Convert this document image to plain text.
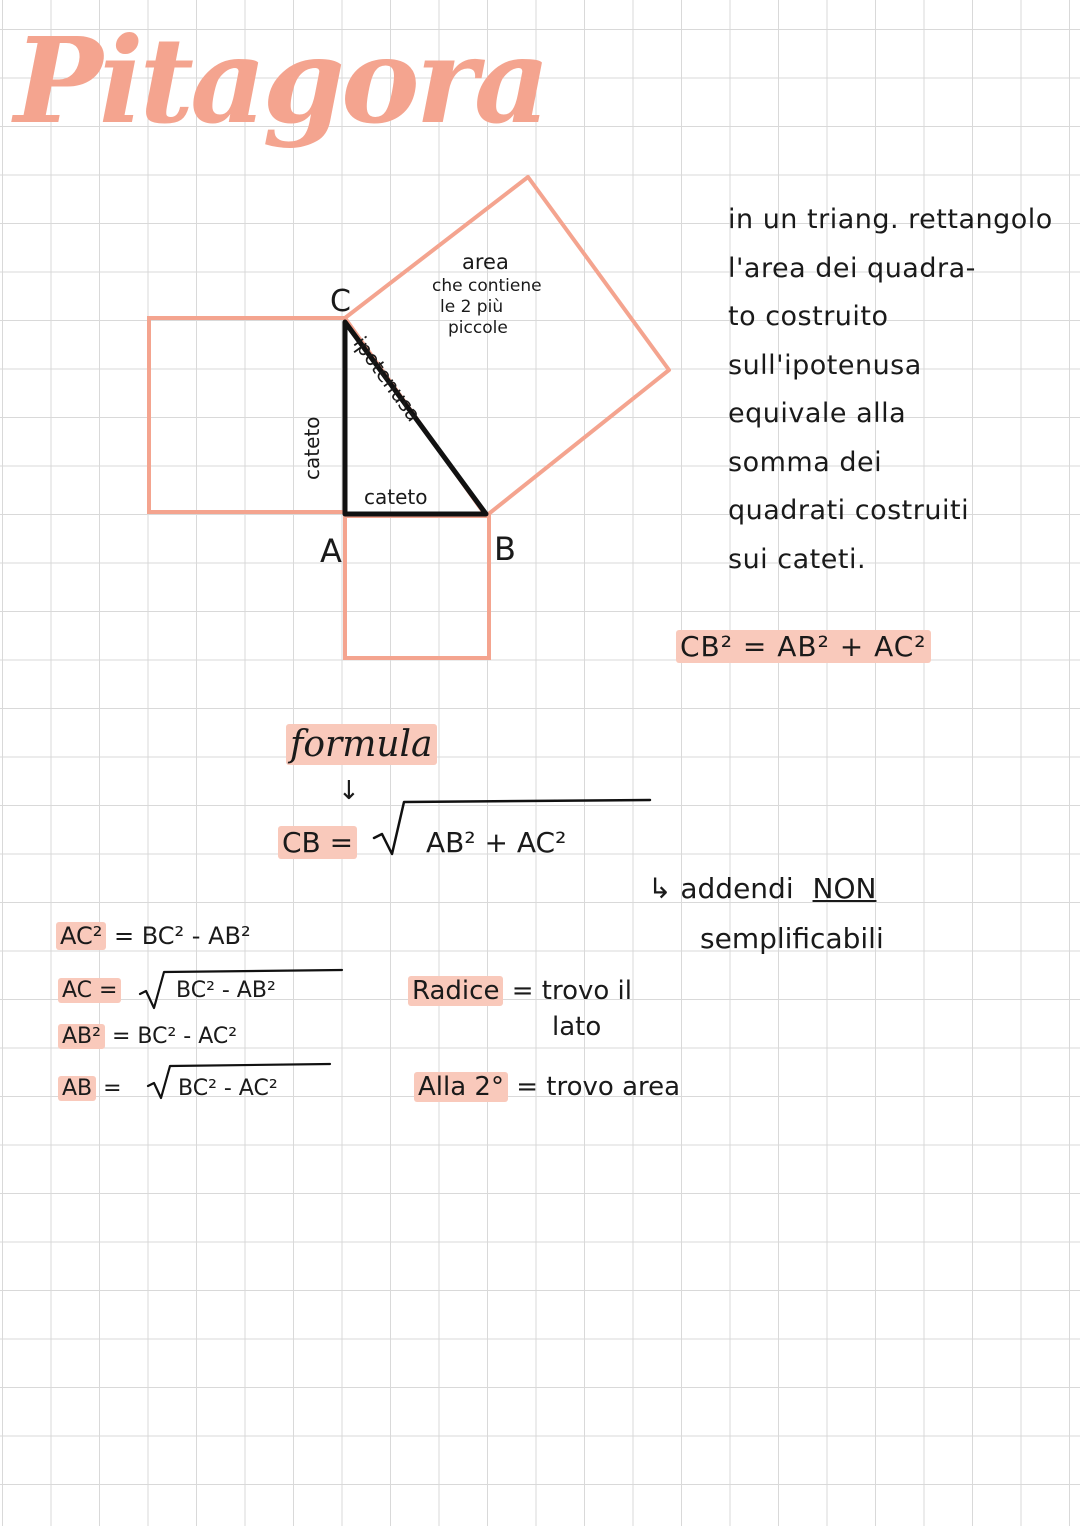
Pitagora
C
A	B
cateto
cateto
ipotenusa
area
che contiene
le 2 più
piccole
in un triang. rettangolo
l'area dei quadra-
to costruito
sull'ipotenusa
equivale alla
somma dei
quadrati costruiti
sui cateti.
CB² = AB² + AC²
formula
↓
CB =	AB² + AC²
↳ addendi NON
semplificabili
AC² = BC² - AB²
AC =	BC² - AB²
AB² = BC² - AC²
AB =	BC² - AC²
Radice = trovo il
lato
Alla 2° = trovo area
